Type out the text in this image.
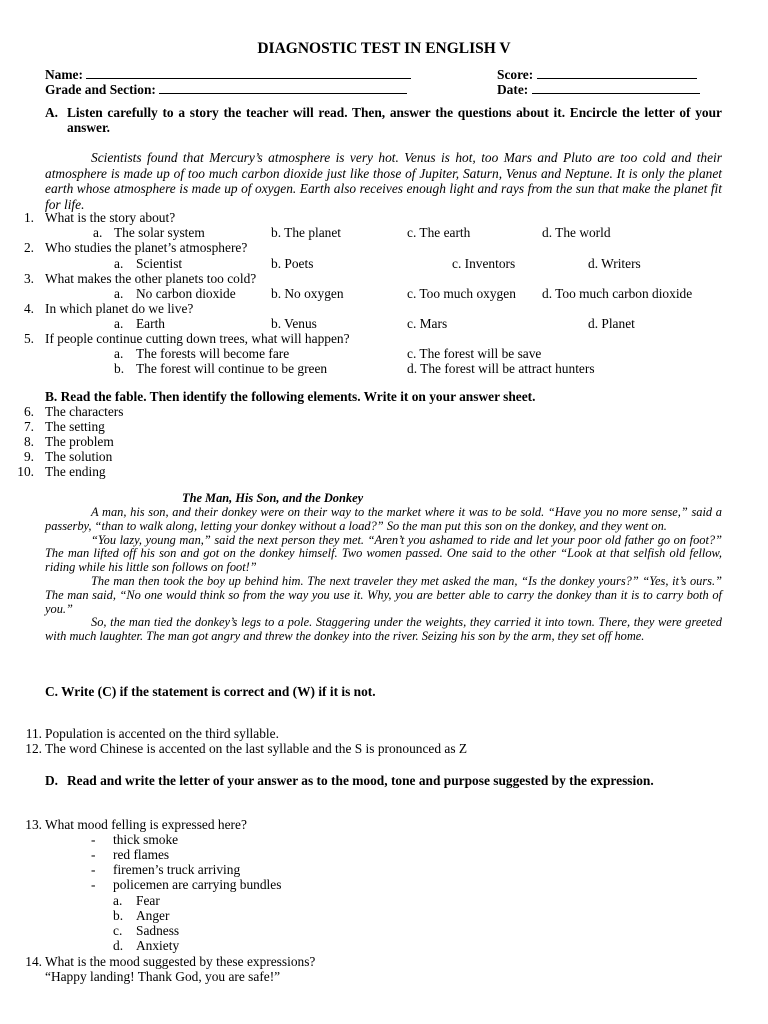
DIAGNOSTIC TEST IN ENGLISH V
Name:	Score:
Grade and Section:	Date:
A. Listen carefully to a story the teacher will read. Then, answer the questions about it. Encircle the letter of your answer.

Scientists found that Mercury’s atmosphere is very hot. Venus is hot, too Mars and Pluto are too cold and their atmosphere is made up of too much carbon dioxide just like those of Jupiter, Saturn, Venus and Neptune. It is only the planet earth whose atmosphere is made up of oxygen. Earth also receives enough light and rays from the sun that make the planet fit for life.

1. What is the story about?
a. The solar system	b. The planet	c. The earth	d. The world
2. Who studies the planet’s atmosphere?
a. Scientist	b. Poets	c. Inventors	d. Writers
3. What makes the other planets too cold?
a. No carbon dioxide	b. No oxygen	c. Too much oxygen d. Too much carbon dioxide
4. In which planet do we live?
a. Earth	b. Venus	c. Mars	d. Planet
5. If people continue cutting down trees, what will happen?
a. The forests will become fare	c. The forest will be save
b. The forest will continue to be green	d. The forest will be attract hunters
B. Read the fable. Then identify the following elements. Write it on your answer sheet.
6. The characters
7. The setting
8. The problem
9. The solution
10. The ending
The Man, His Son, and the Donkey

A man, his son, and their donkey were on their way to the market where it was to be sold. “Have you no more sense,” said a passerby, “than to walk along, letting your donkey without a load?” So the man put this son on the donkey, and they went on.

“You lazy, young man,” said the next person they met. “Aren’t you ashamed to ride and let your poor old father go on foot?” The man lifted off his son and got on the donkey himself. Two women passed. One said to the other “Look at that selfish old fellow, riding while his little son follows on foot!”

The man then took the boy up behind him. The next traveler they met asked the man, “Is the donkey yours?” “Yes, it’s ours.” The man said, “No one would think so from the way you use it. Why, you are better able to carry the donkey than it is to carry both of you.”

So, the man tied the donkey’s legs to a pole. Staggering under the weights, they carried it into town. There, they were greeted with much laughter. The man got angry and threw the donkey into the river. Seizing his son by the arm, they set off home.

C. Write (C) if the statement is correct and (W) if it is not.
11. Population is accented on the third syllable.
12. The word Chinese is accented on the last syllable and the S is pronounced as Z
D. Read and write the letter of your answer as to the mood, tone and purpose suggested by the expression.
13. What mood felling is expressed here?
- thick smoke
- red flames
- firemen’s truck arriving
- policemen are carrying bundles
a. Fear
b. Anger
c. Sadness
d. Anxiety
14. What is the mood suggested by these expressions?
“Happy landing! Thank God, you are safe!”
